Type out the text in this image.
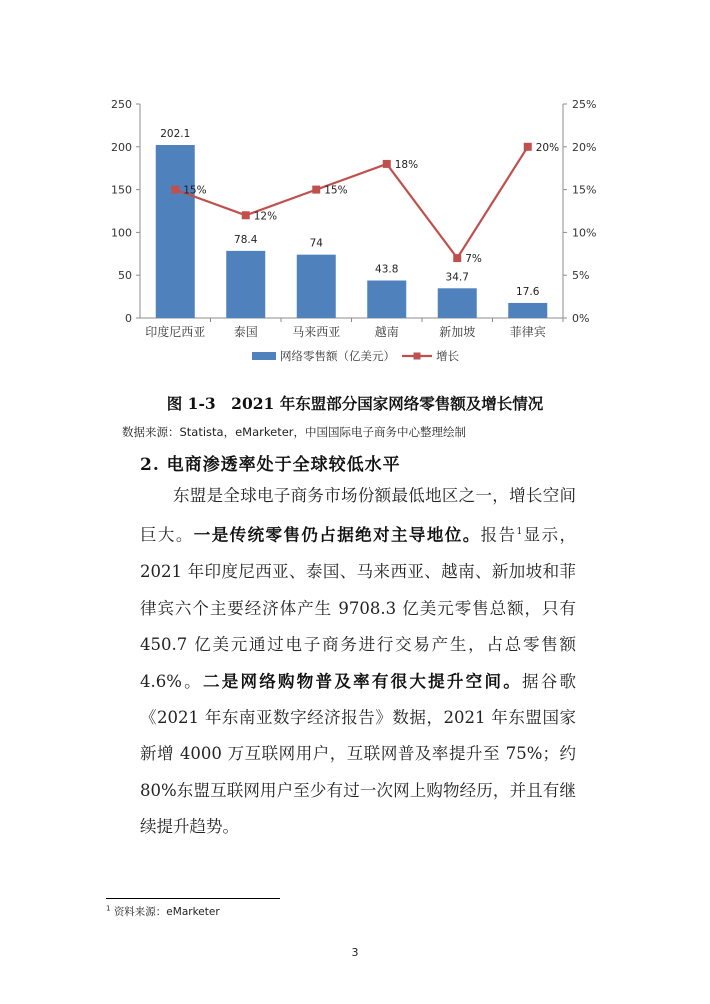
0
50
100
150
200
250
0%
5%
10%
15%
20%
25%
202.1
78.4	74
43.8
34.7
17.6
印度尼西亚 泰国	马来西亚	越南	新加坡	菲律宾
15%
12%
15%
18%
7%
20%
网络零售额（亿美元）	增长
图 1-3　2021 年东盟部分国家网络零售额及增长情况
数据来源：Statista，eMarketer，中国国际电子商务中心整理绘制
2. 电商渗透率处于全球较低水平

东盟是全球电子商务市场份额最低地区之一，增长空间巨大。一是传统零售仍占据绝对主导地位。报告$^1$显示，2021 年印度尼西亚、泰国、马来西亚、越南、新加坡和菲律宾六个主要经济体产生 9708.3 亿美元零售总额，只有 450.7 亿美元通过电子商务进行交易产生，占总零售额 4.6%。二是网络购物普及率有很大提升空间。据谷歌《2021 年东南亚数字经济报告》数据，2021 年东盟国家新增 4000 万互联网用户，互联网普及率提升至 75%；约 80%东盟互联网用户至少有过一次网上购物经历，并且有继续提升趋势。

$^1$ 资料来源：eMarketer
3
